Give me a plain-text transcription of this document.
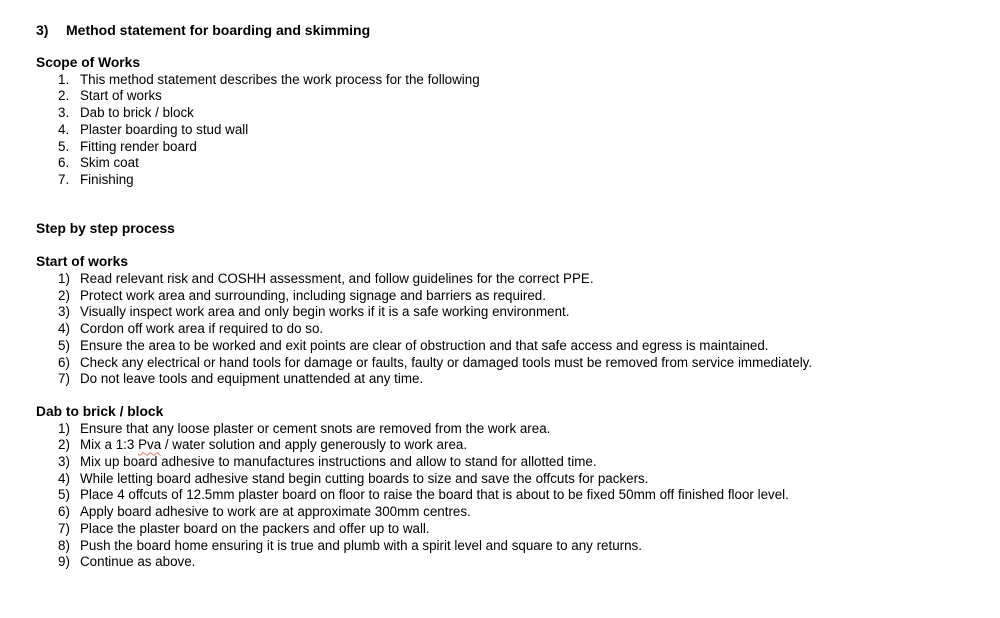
3)	Method statement for boarding and skimming
Scope of Works
1. This method statement describes the work process for the following
2. Start of works
3. Dab to brick / block
4. Plaster boarding to stud wall
5. Fitting render board
6. Skim coat
7. Finishing
Step by step process
Start of works
1) Read relevant risk and COSHH assessment, and follow guidelines for the correct PPE.
2) Protect work area and surrounding, including signage and barriers as required.
3) Visually inspect work area and only begin works if it is a safe working environment.
4) Cordon off work area if required to do so.
5) Ensure the area to be worked and exit points are clear of obstruction and that safe access and egress is maintained.
6) Check any electrical or hand tools for damage or faults, faulty or damaged tools must be removed from service immediately.
7) Do not leave tools and equipment unattended at any time.
Dab to brick / block
1) Ensure that any loose plaster or cement snots are removed from the work area.
2) Mix a 1:3 Pva / water solution and apply generously to work area.
3) Mix up board adhesive to manufactures instructions and allow to stand for allotted time.
4) While letting board adhesive stand begin cutting boards to size and save the offcuts for packers.
5) Place 4 offcuts of 12.5mm plaster board on floor to raise the board that is about to be fixed 50mm off finished floor level.
6) Apply board adhesive to work are at approximate 300mm centres.
7) Place the plaster board on the packers and offer up to wall.
8) Push the board home ensuring it is true and plumb with a spirit level and square to any returns.
9) Continue as above.
